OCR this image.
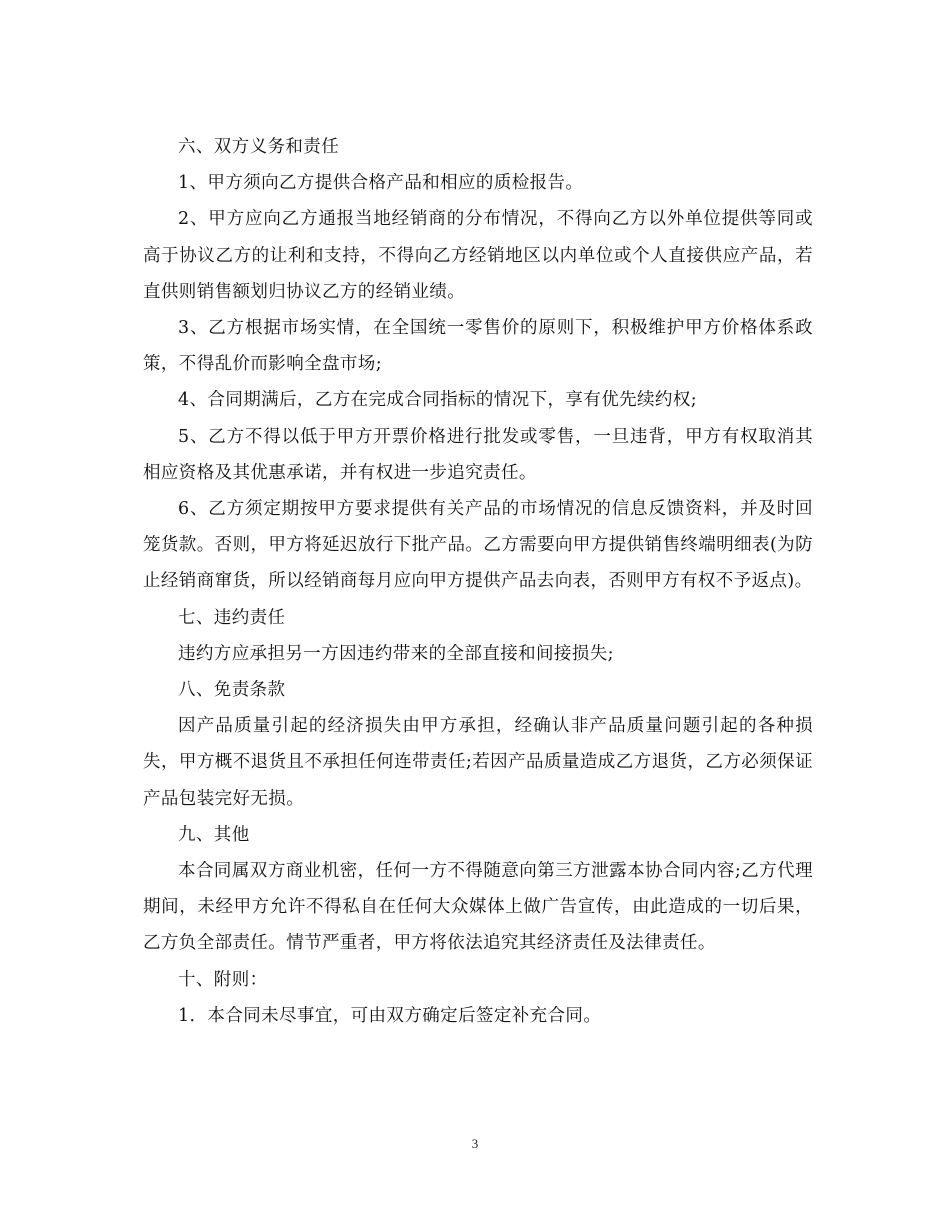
六、双方义务和责任

1、甲方须向乙方提供合格产品和相应的质检报告。

2、甲方应向乙方通报当地经销商的分布情况，不得向乙方以外单位提供等同或高于协议乙方的让利和支持，不得向乙方经销地区以内单位或个人直接供应产品，若直供则销售额划归协议乙方的经销业绩。

3、乙方根据市场实情，在全国统一零售价的原则下，积极维护甲方价格体系政策，不得乱价而影响全盘市场;

4、合同期满后，乙方在完成合同指标的情况下，享有优先续约权;

5、乙方不得以低于甲方开票价格进行批发或零售，一旦违背，甲方有权取消其相应资格及其优惠承诺，并有权进一步追究责任。

6、乙方须定期按甲方要求提供有关产品的市场情况的信息反馈资料，并及时回笼货款。否则，甲方将延迟放行下批产品。乙方需要向甲方提供销售终端明细表(为防止经销商窜货，所以经销商每月应向甲方提供产品去向表，否则甲方有权不予返点)。

七、违约责任

违约方应承担另一方因违约带来的全部直接和间接损失;

八、免责条款

因产品质量引起的经济损失由甲方承担，经确认非产品质量问题引起的各种损失，甲方概不退货且不承担任何连带责任;若因产品质量造成乙方退货，乙方必须保证产品包装完好无损。

九、其他

本合同属双方商业机密，任何一方不得随意向第三方泄露本协合同内容;乙方代理期间，未经甲方允许不得私自在任何大众媒体上做广告宣传，由此造成的一切后果，乙方负全部责任。情节严重者，甲方将依法追究其经济责任及法律责任。

十、附则：

1．本合同未尽事宜，可由双方确定后签定补充合同。

3
